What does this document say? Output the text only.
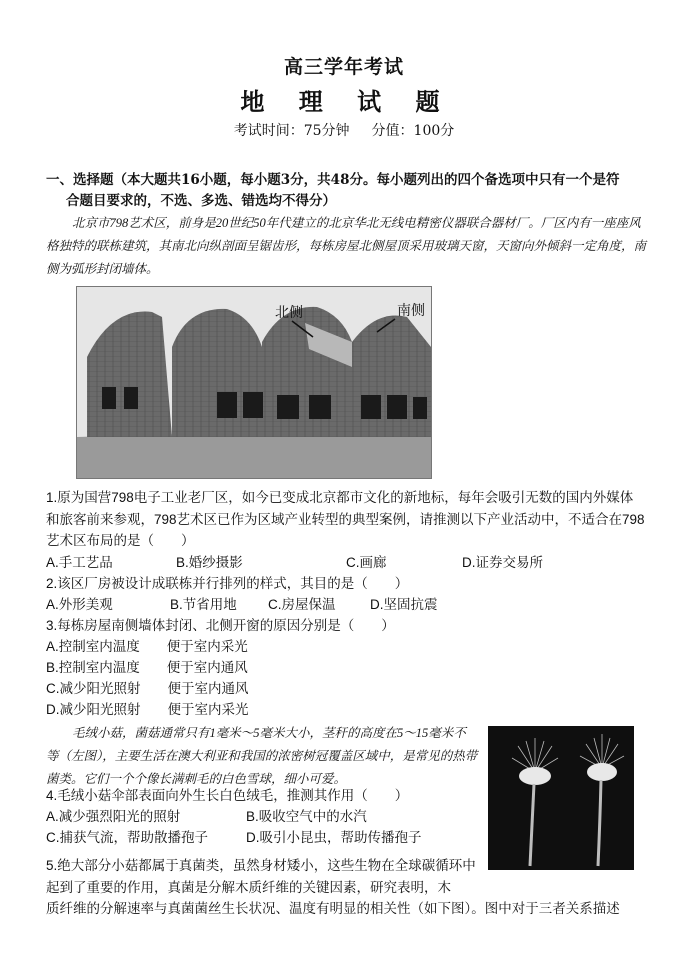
高三学年考试
地 理 试 题
考试时间：75分钟 分值：100分
一、选择题（本大题共16小题，每小题3分，共48分。每小题列出的四个备选项中只有一个是符
合题目要求的，不选、多选、错选均不得分）
北京市798艺术区，前身是20世纪50年代建立的北京华北无线电精密仪器联合器材厂。厂区内有一座座风格独特的联栋建筑，其南北向纵剖面呈锯齿形，每栋房屋北侧屋顶采用玻璃天窗，天窗向外倾斜一定角度，南侧为弧形封闭墙体。
北侧	南侧
1.原为国营798电子工业老厂区，如今已变成北京都市文化的新地标，每年会吸引无数的国内外媒体和旅客前来参观，798艺术区已作为区域产业转型的典型案例，请推测以下产业活动中，不适合在798艺术区布局的是（　　）
A.手工艺品	B.婚纱摄影	C.画廊	D.证券交易所
2.该区厂房被设计成联栋并行排列的样式，其目的是（　　）
A.外形美观	B.节省用地 C.房屋保温	D.坚固抗震
3.每栋房屋南侧墙体封闭、北侧开窗的原因分别是（　　）
A.控制室内温度　　便于室内采光
B.控制室内温度　　便于室内通风
C.减少阳光照射　　便于室内通风
D.减少阳光照射　　便于室内采光
毛绒小菇，菌菇通常只有1毫米～5毫米大小，茎秆的高度在5～15毫米不等（左图），主要生活在澳大利亚和我国的浓密树冠覆盖区域中，是常见的热带菌类。它们一个个像长满刺毛的白色雪球，细小可爱。
4.毛绒小菇伞部表面向外生长白色绒毛，推测其作用（　　）
A.减少强烈阳光的照射	B.吸收空气中的水汽
C.捕获气流，帮助散播孢子	D.吸引小昆虫，帮助传播孢子
5.绝大部分小菇都属于真菌类，虽然身材矮小，这些生物在全球碳循环中起到了重要的作用，真菌是分解木质纤维的关键因素，研究表明，木
质纤维的分解速率与真菌菌丝生长状况、温度有明显的相关性（如下图）。图中对于三者关系描述
